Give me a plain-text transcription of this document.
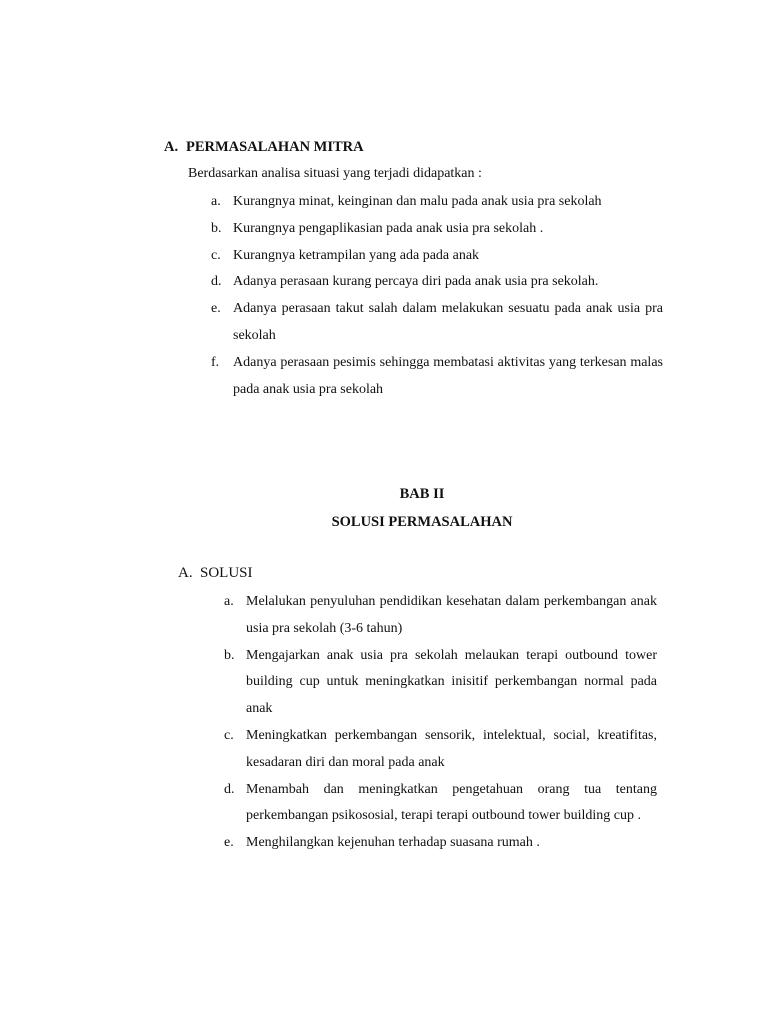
A. PERMASALAHAN MITRA
Berdasarkan analisa situasi yang terjadi didapatkan :
a. Kurangnya minat, keinginan dan malu pada anak usia pra sekolah
b. Kurangnya pengaplikasian pada anak usia pra sekolah .
c. Kurangnya ketrampilan yang ada pada anak
d. Adanya perasaan kurang percaya diri pada anak usia pra sekolah.
e. Adanya perasaan takut salah dalam melakukan sesuatu pada anak usia pra sekolah
f. Adanya perasaan pesimis sehingga membatasi aktivitas yang terkesan malas pada anak usia pra sekolah
BAB II
SOLUSI PERMASALAHAN
A. SOLUSI
a. Melalukan penyuluhan pendidikan kesehatan dalam perkembangan anak usia pra sekolah (3-6 tahun)
b. Mengajarkan anak usia pra sekolah melaukan terapi outbound tower building cup untuk meningkatkan inisitif perkembangan normal pada anak
c. Meningkatkan perkembangan sensorik, intelektual, social, kreatifitas, kesadaran diri dan moral pada anak
d. Menambah dan meningkatkan pengetahuan orang tua tentang perkembangan psikososial, terapi terapi outbound tower building cup .
e. Menghilangkan kejenuhan terhadap suasana rumah .
